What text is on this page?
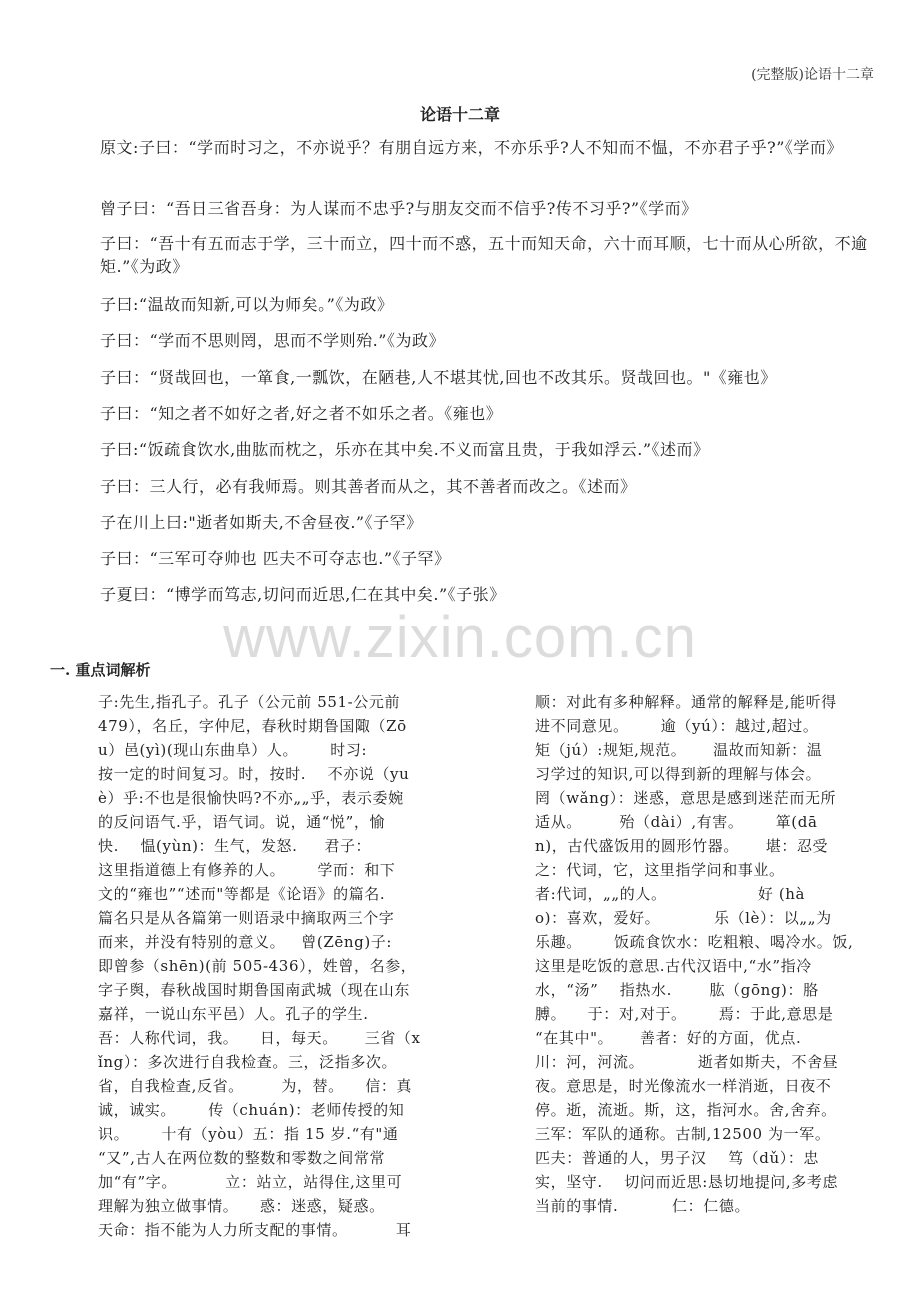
(完整版)论语十二章
论语十二章
原文:子曰：“学而时习之，不亦说乎？有朋自远方来，不亦乐乎?人不知而不愠，不亦君子乎?”《学而》
曾子曰：“吾日三省吾身：为人谋而不忠乎?与朋友交而不信乎?传不习乎?”《学而》
子曰：“吾十有五而志于学，三十而立，四十而不惑，五十而知天命，六十而耳顺，七十而从心所欲，不逾矩.”《为政》
子曰:“温故而知新,可以为师矣。”《为政》
子曰：“学而不思则罔，思而不学则殆.”《为政》
子曰：“贤哉回也，一箪食,一瓢饮，在陋巷,人不堪其忧,回也不改其乐。贤哉回也。"《雍也》
子曰：“知之者不如好之者,好之者不如乐之者。《雍也》
子曰:“饭疏食饮水,曲肱而枕之，乐亦在其中矣.不义而富且贵，于我如浮云.”《述而》
子曰：三人行，必有我师焉。则其善者而从之，其不善者而改之。《述而》
子在川上曰:"逝者如斯夫,不舍昼夜.”《子罕》
子曰：“三军可夺帅也 匹夫不可夺志也.”《子罕》
子夏曰：“博学而笃志,切问而近思,仁在其中矣.”《子张》
www.zixin.com.cn
一. 重点词解析

子:先生,指孔子。孔子（公元前 551-公元前

479），名丘，字仲尼，春秋时期鲁国陬（Zō

u）邑(yì)(现山东曲阜）人。      时习:

按一定的时间复习。时，按时.    不亦说（yu

è）乎:不也是很愉快吗?不亦„„乎，表示委婉

的反问语气.乎，语气词。说，通“悦”，愉

快.    愠(yùn)：生气，发怒.     君子：

这里指道德上有修养的人。      学而：和下

文的“雍也”“述而"等都是《论语》的篇名.

篇名只是从各篇第一则语录中摘取两三个字

而来，并没有特别的意义。   曾(Zēng)子:

即曾参（shēn)(前 505-436），姓曾，名参，

字子舆，春秋战国时期鲁国南武城（现在山东

嘉祥，一说山东平邑）人。孔子的学生.

吾：人称代词，我。    日，每天。     三省（x

ǐng）：多次进行自我检查。三，泛指多次。

省，自我检查,反省。       为，替。    信：真

诚，诚实。      传（chuán)：老师传授的知

识。      十有（yòu）五：指 15 岁.“有"通

“又”,古人在两位数的整数和零数之间常常

加“有”字。         立：站立，站得住,这里可

理解为独立做事情。    惑：迷惑，疑惑。

天命：指不能为人力所支配的事情。         耳

顺：对此有多种解释。通常的解释是,能听得

进不同意见。      逾（yú）：越过,超过。

矩（jú）:规矩,规范。     温故而知新：温

习学过的知识,可以得到新的理解与体会。

罔（wǎng）：迷惑，意思是感到迷茫而无所

适从。       殆（dài）,有害。      箪(dā

n)，古代盛饭用的圆形竹器。     堪：忍受

之：代词，它，这里指学问和事业。

者:代词，„„的人。                 好 (hà

o)：喜欢，爱好。          乐（lè）：以„„为

乐趣。      饭疏食饮水：吃粗粮、喝冷水。饭,

这里是吃饭的意思.古代汉语中,“水”指冷

水，“汤”    指热水.       肱（gōng)：胳

膊。    于：对,对于。      焉：于此,意思是

“在其中"。     善者：好的方面，优点.

川：河，河流。          逝者如斯夫，不舍昼

夜。意思是，时光像流水一样消逝，日夜不

停。逝，流逝。斯，这，指河水。舍,舍弃。

三军：军队的通称。古制,12500 为一军。

匹夫：普通的人，男子汉    笃（dǔ）：忠

实，坚守.    切问而近思:恳切地提问,多考虑

当前的事情.          仁：仁德。
